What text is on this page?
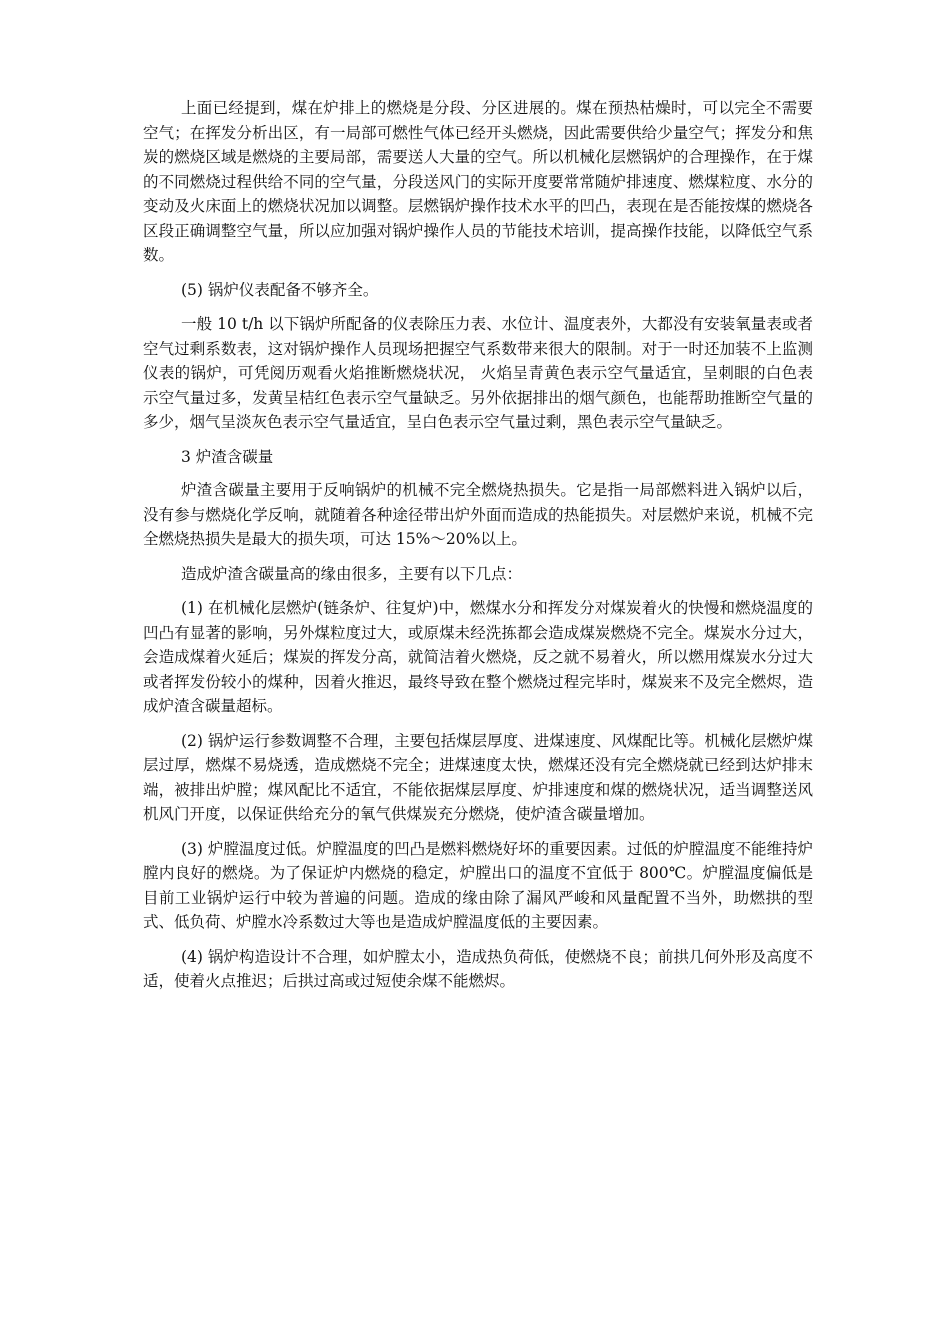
上面已经提到，煤在炉排上的燃烧是分段、分区进展的。煤在预热枯燥时，可以完全不需要空气；在挥发分析出区，有一局部可燃性气体已经开头燃烧，因此需要供给少量空气；挥发分和焦炭的燃烧区域是燃烧的主要局部，需要送人大量的空气。所以机械化层燃锅炉的合理操作，在于煤的不同燃烧过程供给不同的空气量，分段送风门的实际开度要常常随炉排速度、燃煤粒度、水分的变动及火床面上的燃烧状况加以调整。层燃锅炉操作技术水平的凹凸，表现在是否能按煤的燃烧各区段正确调整空气量，所以应加强对锅炉操作人员的节能技术培训，提高操作技能，以降低空气系数。

(5) 锅炉仪表配备不够齐全。

一般 10 t/h 以下锅炉所配备的仪表除压力表、水位计、温度表外，大都没有安装氧量表或者空气过剩系数表，这对锅炉操作人员现场把握空气系数带来很大的限制。对于一时还加装不上监测仪表的锅炉，可凭阅历观看火焰推断燃烧状况， 火焰呈青黄色表示空气量适宜，呈刺眼的白色表示空气量过多，发黄呈桔红色表示空气量缺乏。另外依据排出的烟气颜色，也能帮助推断空气量的多少，烟气呈淡灰色表示空气量适宜，呈白色表示空气量过剩，黑色表示空气量缺乏。

3 炉渣含碳量

炉渣含碳量主要用于反响锅炉的机械不完全燃烧热损失。它是指一局部燃料进入锅炉以后，没有参与燃烧化学反响，就随着各种途径带出炉外面而造成的热能损失。对层燃炉来说，机械不完全燃烧热损失是最大的损失项，可达 15%～20%以上。

造成炉渣含碳量高的缘由很多，主要有以下几点：

(1) 在机械化层燃炉(链条炉、往复炉)中，燃煤水分和挥发分对煤炭着火的快慢和燃烧温度的凹凸有显著的影响，另外煤粒度过大，或原煤未经洗拣都会造成煤炭燃烧不完全。煤炭水分过大，会造成煤着火延后；煤炭的挥发分高，就简洁着火燃烧，反之就不易着火，所以燃用煤炭水分过大或者挥发份较小的煤种，因着火推迟，最终导致在整个燃烧过程完毕时，煤炭来不及完全燃烬，造成炉渣含碳量超标。

(2) 锅炉运行参数调整不合理，主要包括煤层厚度、进煤速度、风煤配比等。机械化层燃炉煤层过厚，燃煤不易烧透，造成燃烧不完全；进煤速度太快，燃煤还没有完全燃烧就已经到达炉排末端，被排出炉膛；煤风配比不适宜，不能依据煤层厚度、炉排速度和煤的燃烧状况，适当调整送风机风门开度，以保证供给充分的氧气供煤炭充分燃烧，使炉渣含碳量增加。

(3) 炉膛温度过低。炉膛温度的凹凸是燃料燃烧好坏的重要因素。过低的炉膛温度不能维持炉膛内良好的燃烧。为了保证炉内燃烧的稳定，炉膛出口的温度不宜低于 800℃。炉膛温度偏低是目前工业锅炉运行中较为普遍的问题。造成的缘由除了漏风严峻和风量配置不当外，助燃拱的型式、低负荷、炉膛水冷系数过大等也是造成炉膛温度低的主要因素。

(4) 锅炉构造设计不合理，如炉膛太小，造成热负荷低，使燃烧不良；前拱几何外形及高度不适，使着火点推迟；后拱过高或过短使余煤不能燃烬。
